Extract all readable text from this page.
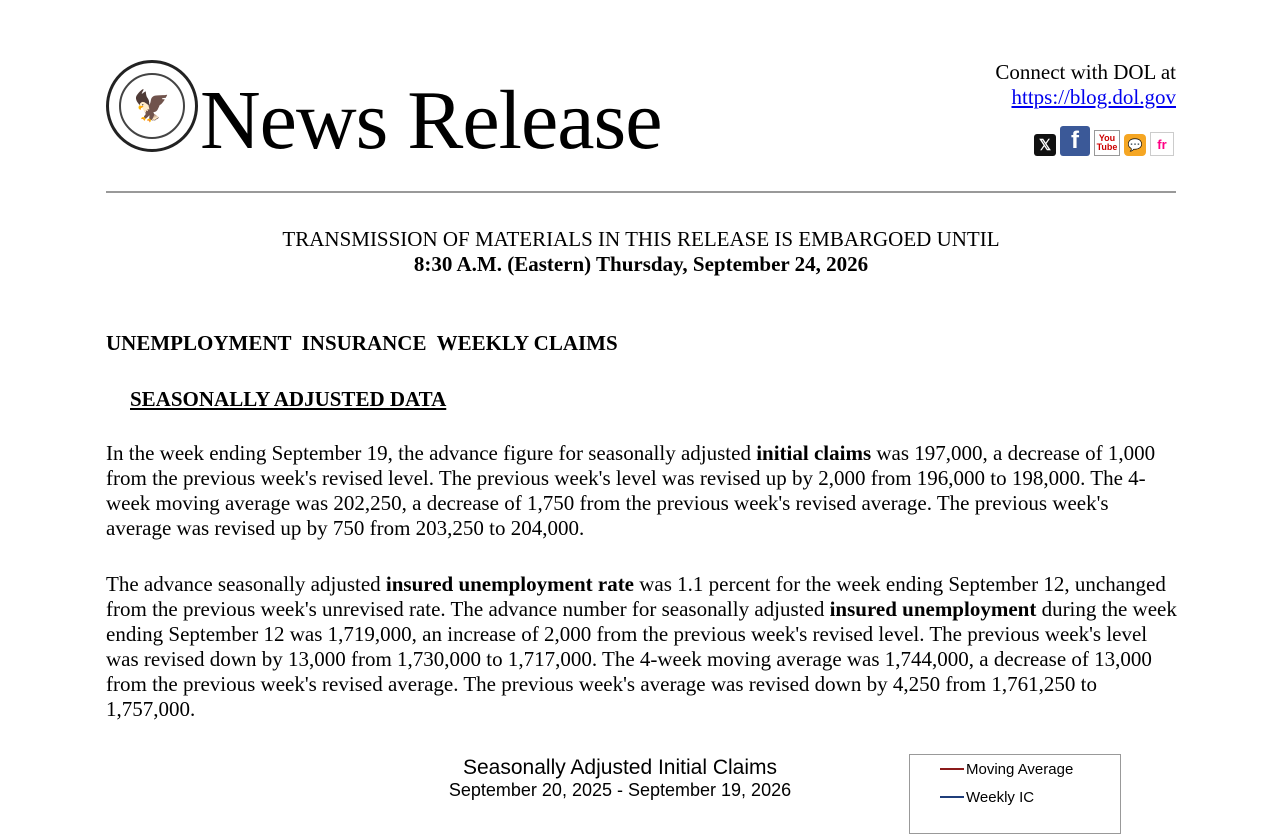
🦅 News Release
Connect with DOL at
https://blog.dol.gov
𝕏 f	You
Tube 💬	fr
TRANSMISSION OF MATERIALS IN THIS RELEASE IS EMBARGOED UNTIL
8:30 A.M. (Eastern) Thursday, September 24, 2026
UNEMPLOYMENT  INSURANCE  WEEKLY CLAIMS
SEASONALLY ADJUSTED DATA
In the week ending September 19, the advance figure for seasonally adjusted initial claims was 197,000, a decrease of 1,000 from the previous week's revised level. The previous week's level was revised up by 2,000 from 196,000 to 198,000. The 4-week moving average was 202,250, a decrease of 1,750 from the previous week's revised average. The previous week's average was revised up by 750 from 203,250 to 204,000.
The advance seasonally adjusted insured unemployment rate was 1.1 percent for the week ending September 12, unchanged from the previous week's unrevised rate. The advance number for seasonally adjusted insured unemployment during the week ending September 12 was 1,719,000, an increase of 2,000 from the previous week's revised level. The previous week's level was revised down by 13,000 from 1,730,000 to 1,717,000. The 4-week moving average was 1,744,000, a decrease of 13,000 from the previous week's revised average. The previous week's average was revised down by 4,250 from 1,761,250 to 1,757,000.
Seasonally Adjusted Initial Claims
September 20, 2025 - September 19, 2026
Moving Average
Weekly IC
